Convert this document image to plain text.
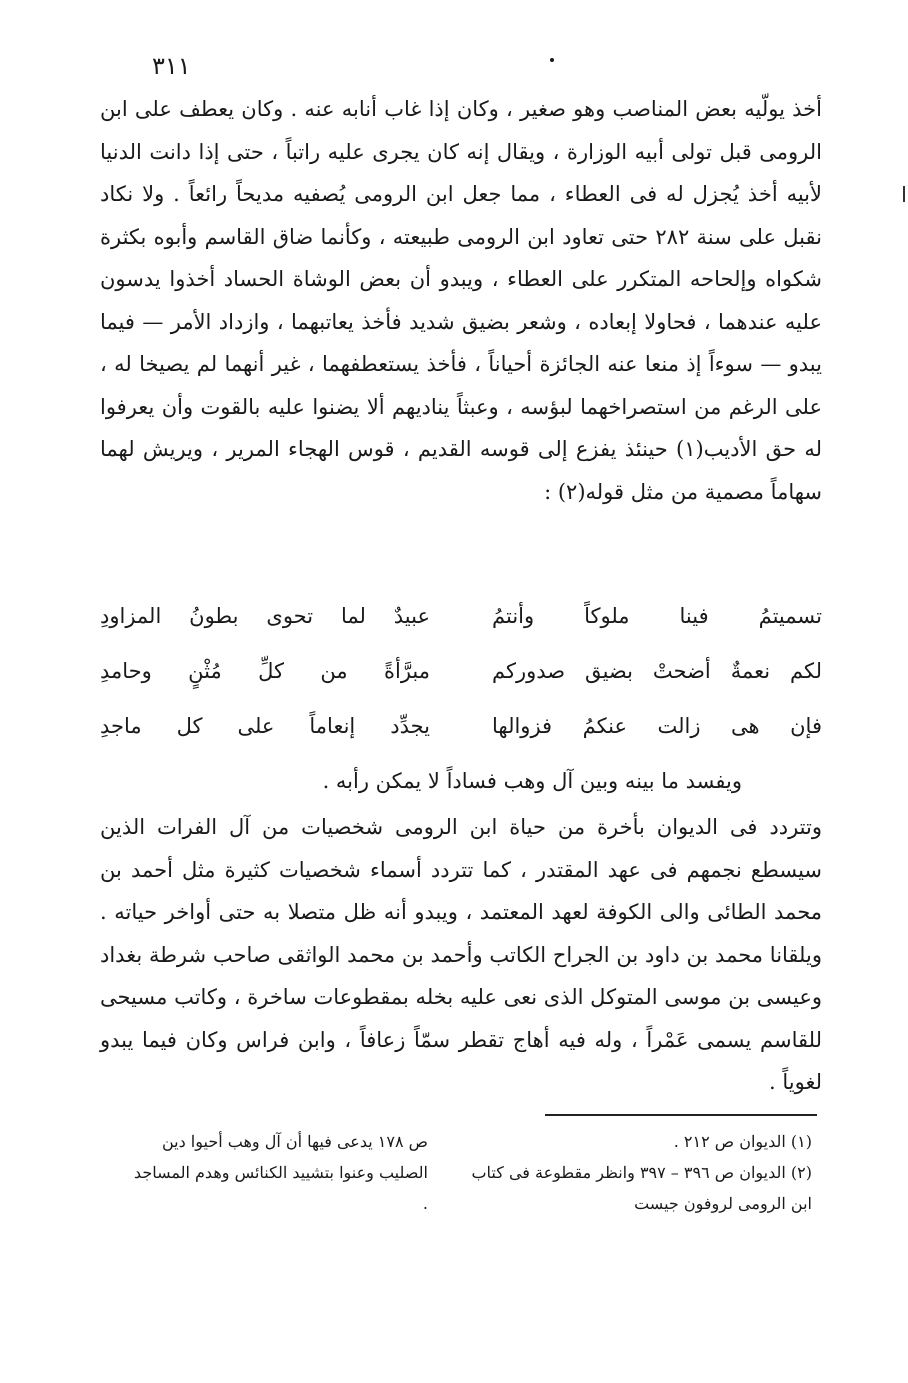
٣١١

أخذ يولّيه بعض المناصب وهو صغير ، وكان إذا غاب أنابه عنه . وكان يعطف على ابن الرومى قبل تولى أبيه الوزارة ، ويقال إنه كان يجرى عليه راتباً ، حتى إذا دانت الدنيا لأبيه أخذ يُجزل له فى العطاء ، مما جعل ابن الرومى يُصفيه مديحاً رائعاً . ولا نكاد نقبل على سنة ٢٨٢ حتى تعاود ابن الرومى طبيعته ، وكأنما ضاق القاسم وأبوه بكثرة شكواه وإلحاحه المتكرر على العطاء ، ويبدو أن بعض الوشاة الحساد أخذوا يدسون عليه عندهما ، فحاولا إبعاده ، وشعر بضيق شديد فأخذ يعاتبهما ، وازداد الأمر — فيما يبدو — سوءاً إذ منعا عنه الجائزة أحياناً ، فأخذ يستعطفهما ، غير أنهما لم يصيخا له ، على الرغم من استصراخهما لبؤسه ، وعبثاً يناديهم ألا يضنوا عليه بالقوت وأن يعرفوا له حق الأديب(١) حينئذ يفزع إلى قوسه القديم ، قوس الهجاء المرير ، ويريش لهما سهاماً مصمية من مثل قوله(٢) :

تسميتمُ فينا ملوكاً وأنتمُ
عبيدٌ لما تحوى بطونُ المزاودِ
لكم نعمةٌ أضحتْ بضيق صدوركم
مبرَّأةً من كلِّ مُثْنٍ وحامدِ
فإن هى زالت عنكمُ فزوالها
يجدِّد إنعاماً على كل ماجدِ
ويفسد ما بينه وبين آل وهب فساداً لا يمكن رأبه .

وتتردد فى الديوان بأخرة من حياة ابن الرومى شخصيات من آل الفرات الذين سيسطع نجمهم فى عهد المقتدر ، كما تتردد أسماء شخصيات كثيرة مثل أحمد بن محمد الطائى والى الكوفة لعهد المعتمد ، ويبدو أنه ظل متصلا به حتى أواخر حياته . ويلقانا محمد بن داود بن الجراح الكاتب وأحمد بن محمد الواثقى صاحب شرطة بغداد وعيسى بن موسى المتوكل الذى نعى عليه بخله بمقطوعات ساخرة ، وكاتب مسيحى للقاسم يسمى عَمْراً ، وله فيه أهاج تقطر سمّاً زعافاً ، وابن فراس وكان فيما يبدو لغوياً .

(١) الديوان ص ٢١٢ .

(٢) الديوان ص ٣٩٦ – ٣٩٧ وانظر مقطوعة فى كتاب ابن الرومى لروفون جيست

ص ١٧٨ يدعى فيها أن آل وهب أحيوا دين الصليب وعنوا بتشييد الكنائس وهدم المساجد .
